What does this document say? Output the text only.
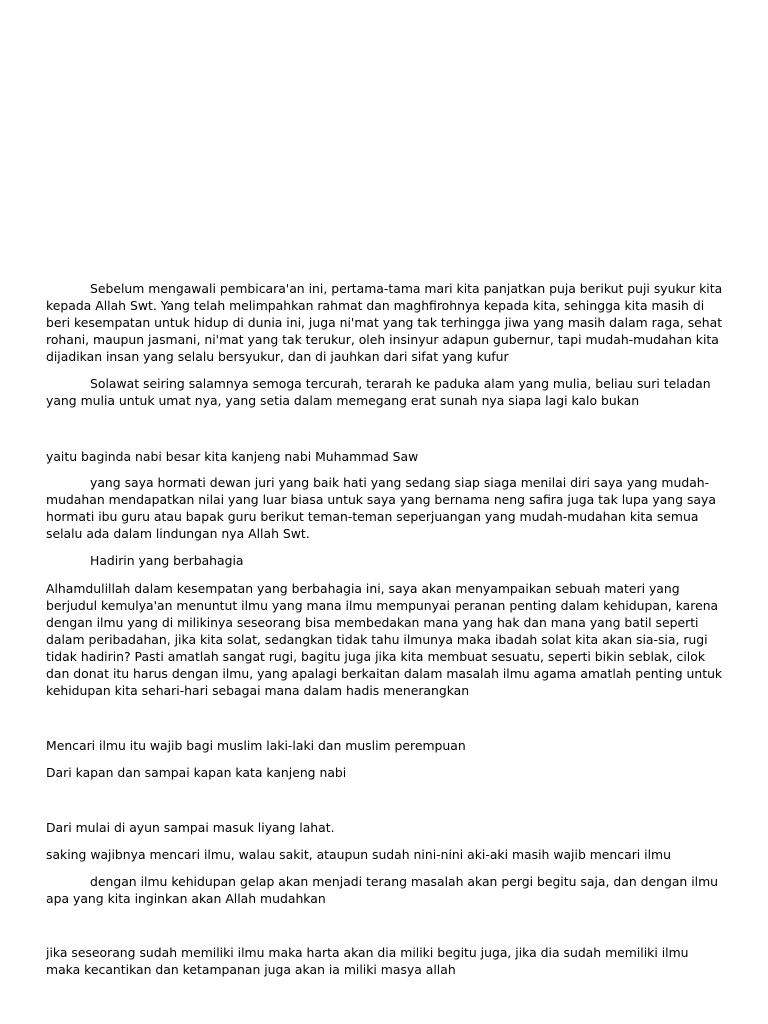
Sebelum mengawali pembicara'an ini, pertama-tama mari kita panjatkan puja berikut puji syukur kita kepada Allah Swt. Yang telah melimpahkan rahmat dan maghfirohnya kepada kita, sehingga kita masih di beri kesempatan untuk hidup di dunia ini, juga ni'mat yang tak terhingga jiwa yang masih dalam raga, sehat rohani, maupun jasmani, ni'mat yang tak terukur, oleh insinyur adapun gubernur, tapi mudah-mudahan kita dijadikan insan yang selalu bersyukur, dan di jauhkan dari sifat yang kufur

Solawat seiring salamnya semoga tercurah, terarah ke paduka alam yang mulia, beliau suri teladan yang mulia untuk umat nya, yang setia dalam memegang erat sunah nya siapa lagi kalo bukan

yaitu baginda nabi besar kita kanjeng nabi Muhammad Saw

yang saya hormati dewan juri yang baik hati yang sedang siap siaga menilai diri saya yang mudah-mudahan mendapatkan nilai yang luar biasa untuk saya yang bernama neng safira juga tak lupa yang saya hormati ibu guru atau bapak guru berikut teman-teman seperjuangan yang mudah-mudahan kita semua selalu ada dalam lindungan nya Allah Swt.

Hadirin yang berbahagia

Alhamdulillah dalam kesempatan yang berbahagia ini, saya akan menyampaikan sebuah materi yang berjudul kemulya'an menuntut ilmu yang mana ilmu mempunyai peranan penting dalam kehidupan, karena dengan ilmu yang di milikinya seseorang bisa membedakan mana yang hak dan mana yang batil seperti dalam peribadahan, jika kita solat, sedangkan tidak tahu ilmunya maka ibadah solat kita akan sia-sia, rugi tidak hadirin? Pasti amatlah sangat rugi, bagitu juga jika kita membuat sesuatu, seperti bikin seblak, cilok dan donat itu harus dengan ilmu, yang apalagi berkaitan dalam masalah ilmu agama amatlah penting untuk kehidupan kita sehari-hari sebagai mana dalam hadis menerangkan

Mencari ilmu itu wajib bagi muslim laki-laki dan muslim perempuan

Dari kapan dan sampai kapan kata kanjeng nabi

Dari mulai di ayun sampai masuk liyang lahat.

saking wajibnya mencari ilmu, walau sakit, ataupun sudah nini-nini aki-aki masih wajib mencari ilmu

dengan ilmu kehidupan gelap akan menjadi terang masalah akan pergi begitu saja, dan dengan ilmu apa yang kita inginkan akan Allah mudahkan

jika seseorang sudah memiliki ilmu maka harta akan dia miliki begitu juga, jika dia sudah memiliki ilmu maka kecantikan dan ketampanan juga akan ia miliki masya allah
